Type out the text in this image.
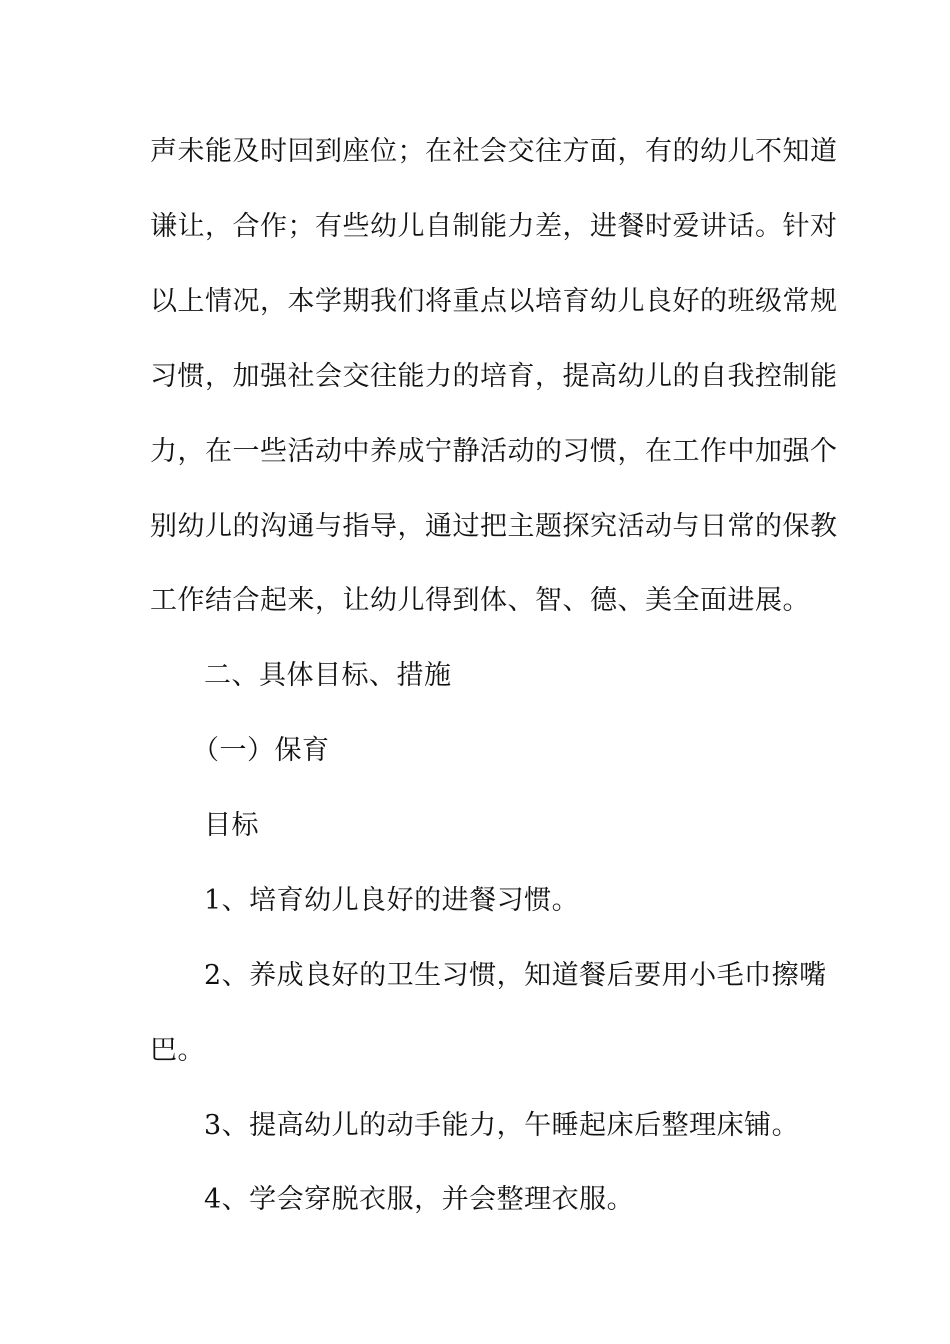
声未能及时回到座位；在社会交往方面，有的幼儿不知道
谦让，合作；有些幼儿自制能力差，进餐时爱讲话。针对
以上情况，本学期我们将重点以培育幼儿良好的班级常规
习惯，加强社会交往能力的培育，提高幼儿的自我控制能
力，在一些活动中养成宁静活动的习惯，在工作中加强个
别幼儿的沟通与指导，通过把主题探究活动与日常的保教
工作结合起来，让幼儿得到体、智、德、美全面进展。
二、具体目标、措施
（一）保育
目标
1、培育幼儿良好的进餐习惯。
2、养成良好的卫生习惯，知道餐后要用小毛巾擦嘴
巴。
3、提高幼儿的动手能力，午睡起床后整理床铺。
4、学会穿脱衣服，并会整理衣服。
